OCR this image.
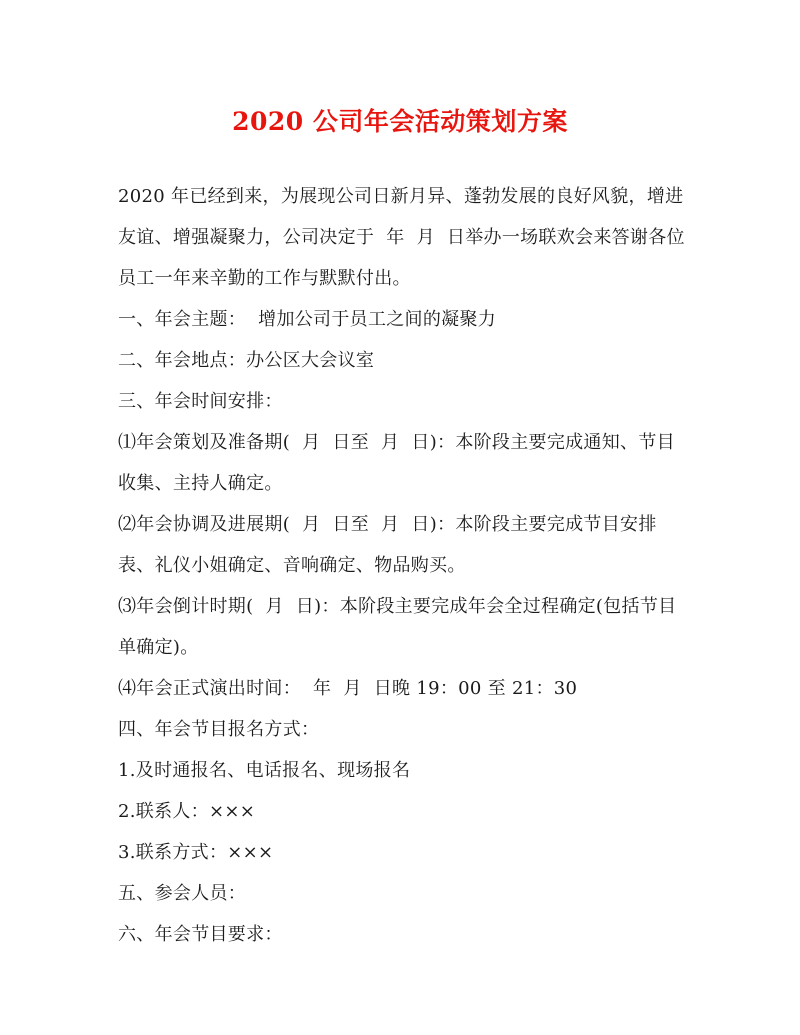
2020 公司年会活动策划方案

2020 年已经到来，为展现公司日新月异、蓬勃发展的良好风貌，增进友谊、增强凝聚力，公司决定于  年  月  日举办一场联欢会来答谢各位员工一年来辛勤的工作与默默付出。

一、年会主题：  增加公司于员工之间的凝聚力

二、年会地点：办公区大会议室

三、年会时间安排：

⑴年会策划及准备期(  月  日至  月  日)：本阶段主要完成通知、节目收集、主持人确定。

⑵年会协调及进展期(  月  日至  月  日)：本阶段主要完成节目安排表、礼仪小姐确定、音响确定、物品购买。

⑶年会倒计时期(  月  日)：本阶段主要完成年会全过程确定(包括节目单确定)。

⑷年会正式演出时间：  年  月  日晚 19：00 至 21：30

四、年会节目报名方式：

1.及时通报名、电话报名、现场报名

2.联系人：×××

3.联系方式：×××

五、参会人员：

六、年会节目要求：
